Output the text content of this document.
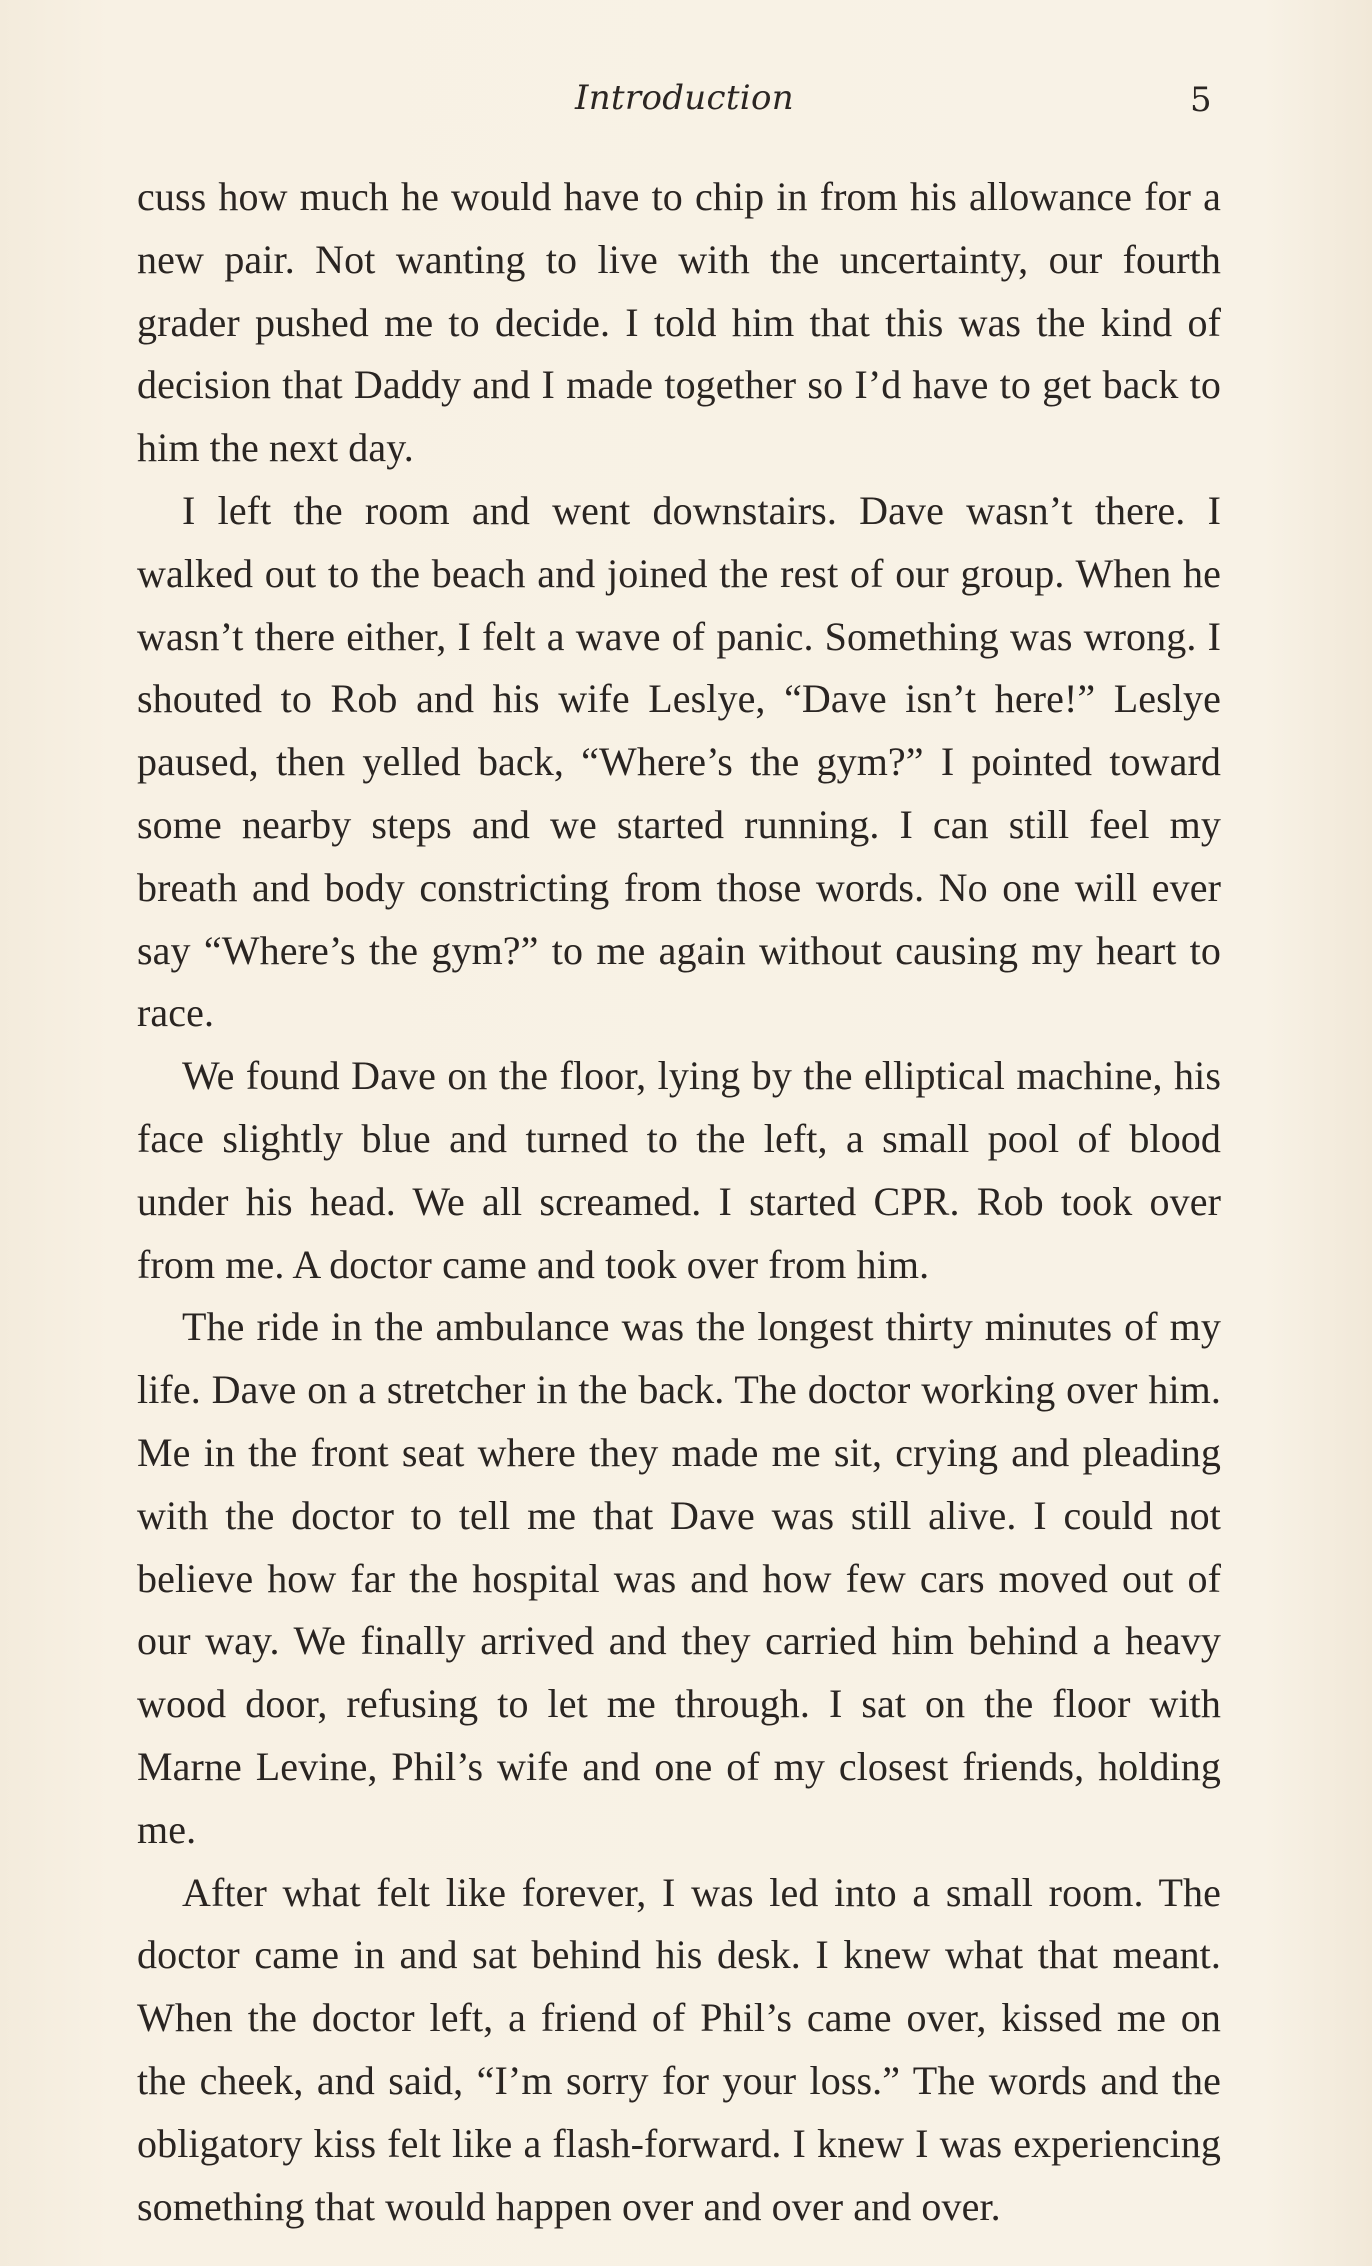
Introduction	5

cuss how much he would have to chip in from his allowance for a new pair. Not wanting to live with the uncertainty, our fourth grader pushed me to decide. I told him that this was the kind of decision that Daddy and I made together so I’d have to get back to him the next day.

I left the room and went downstairs. Dave wasn’t there. I walked out to the beach and joined the rest of our group. When he wasn’t there either, I felt a wave of panic. Something was wrong. I shouted to Rob and his wife Leslye, “Dave isn’t here!” Leslye paused, then yelled back, “Where’s the gym?” I pointed toward some nearby steps and we started running. I can still feel my breath and body constricting from those words. No one will ever say “Where’s the gym?” to me again without causing my heart to race.

We found Dave on the floor, lying by the elliptical machine, his face slightly blue and turned to the left, a small pool of blood under his head. We all screamed. I started CPR. Rob took over from me. A doctor came and took over from him.

The ride in the ambulance was the longest thirty minutes of my life. Dave on a stretcher in the back. The doctor working over him. Me in the front seat where they made me sit, crying and pleading with the doctor to tell me that Dave was still alive. I could not believe how far the hospital was and how few cars moved out of our way. We finally arrived and they carried him behind a heavy wood door, refusing to let me through. I sat on the floor with Marne Levine, Phil’s wife and one of my closest friends, holding me.

After what felt like forever, I was led into a small room. The doctor came in and sat behind his desk. I knew what that meant. When the doctor left, a friend of Phil’s came over, kissed me on the cheek, and said, “I’m sorry for your loss.” The words and the obligatory kiss felt like a flash-forward. I knew I was experiencing something that would happen over and over and over.
